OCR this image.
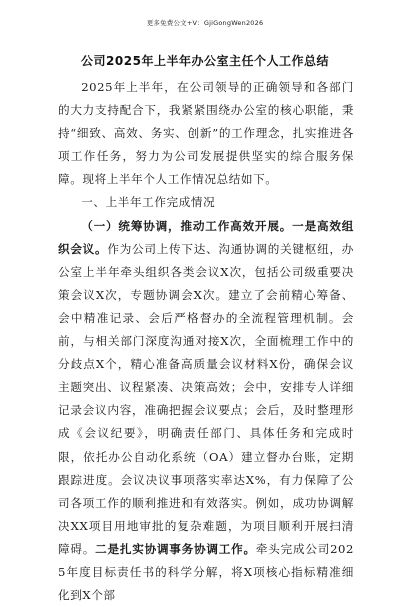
更多免费公文+V：GjiGongWen2026
公司2025年上半年办公室主任个人工作总结

2025年上半年，在公司领导的正确领导和各部门的大力支持配合下，我紧紧围绕办公室的核心职能，秉持“细致、高效、务实、创新”的工作理念，扎实推进各项工作任务，努力为公司发展提供坚实的综合服务保障。现将上半年个人工作情况总结如下。

一、上半年工作完成情况

（一）统筹协调，推动工作高效开展。一是高效组织会议。作为公司上传下达、沟通协调的关键枢纽，办公室上半年牵头组织各类会议X次，包括公司级重要决策会议X次，专题协调会X次。建立了会前精心筹备、会中精准记录、会后严格督办的全流程管理机制。会前，与相关部门深度沟通对接X次，全面梳理工作中的分歧点X个，精心准备高质量会议材料X份，确保会议主题突出、议程紧凑、决策高效；会中，安排专人详细记录会议内容，准确把握会议要点；会后，及时整理形成《会议纪要》，明确责任部门、具体任务和完成时限，依托办公自动化系统（OA）建立督办台账，定期跟踪进度。会议决议事项落实率达X%，有力保障了公司各项工作的顺利推进和有效落实。例如，成功协调解决XX项目用地审批的复杂难题，为项目顺利开展扫清障碍。二是扎实协调事务协调工作。牵头完成公司2025年度目标责任书的科学分解，将X项核心指标精准细化到X个部
